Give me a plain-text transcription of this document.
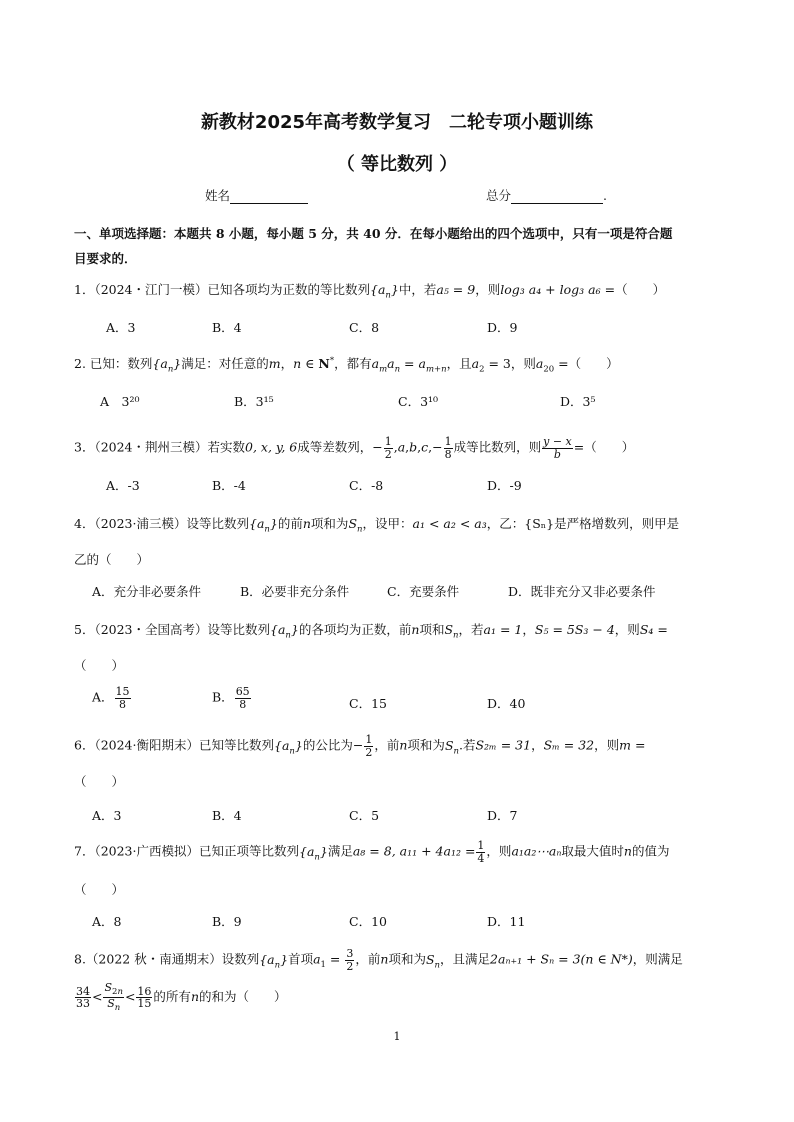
新教材2025年高考数学复习　二轮专项小题训练
（ 等比数列 ）
姓名	总分	.
一、单项选择题：本题共 8 小题，每小题 5 分，共 40 分．在每小题给出的四个选项中，只有一项是符合题
目要求的．
1．（2024・江门一模）已知各项均为正数的等比数列$\{a_n\}$中，若a₅ = 9，则log₃ a₄ + log₃ a₆ =（　　）
A．3	B．4	C．8	D．9
2. 已知：数列$\{a_n\}$满足：对任意的m，n ∈ N*，都有$a_ma_n = a_{m+n}$，且$a_2 = 3$，则$a_{20}$ =（　　）
A　3²⁰	B．3¹⁵	C．3¹⁰	D．3⁵
3．（2024・荆州三模）若实数0, x, y, 6成等差数列，− $\frac{1}{2} ,a,b,c,- \frac{1}{8}$ 成等比数列，则 $\frac{y - x}{b}$ =（　　）
A．-3	B．-4	C．-8	D．-9
4．（2023·浦三模）设等比数列$\{a_n\}$的前n项和为$S_n$，设甲：a₁ < a₂ < a₃，乙：{Sₙ}是严格增数列，则甲是
乙的（　　）
A．充分非必要条件	B．必要非充分条件	C．充要条件	D．既非充分又非必要条件
5．（2023・全国高考）设等比数列$\{a_n\}$的各项均为正数，前n项和$S_n$，若a₁ = 1，S₅ = 5S₃ − 4，则S₄ =
（　　）
A． $\frac{15}{8}$	B． $\frac{65}{8}$	C．15	D．40
6．（2024·衡阳期末）已知等比数列$\{a_n\}$的公比为− $\frac{1}{2}$ ，前n项和为$S_n$.若S₂ₘ = 31，Sₘ = 32，则m =
（　　）
A．3	B．4	C．5	D．7
7．（2023·广西模拟）已知正项等比数列$\{a_n\}$满足a₈ = 8, $a_{11} + 4a_{12} = \frac{1}{4}$ ，则a₁a₂⋯aₙ取最大值时n的值为
（　　）
A．8	B．9	C．10	D．11
8.（2022 秋・南通期末）设数列$\{a_n\}$首项$a_1 = \frac{3}{2}$ ，前n项和为$S_n$，且满足2aₙ₊₁ + Sₙ = 3(n ∈ N*)，则满足
$\frac{34}{33} < \frac{S_{2n}}{S_n} < \frac{16}{15}$ 的所有n的和为（　　）
1
